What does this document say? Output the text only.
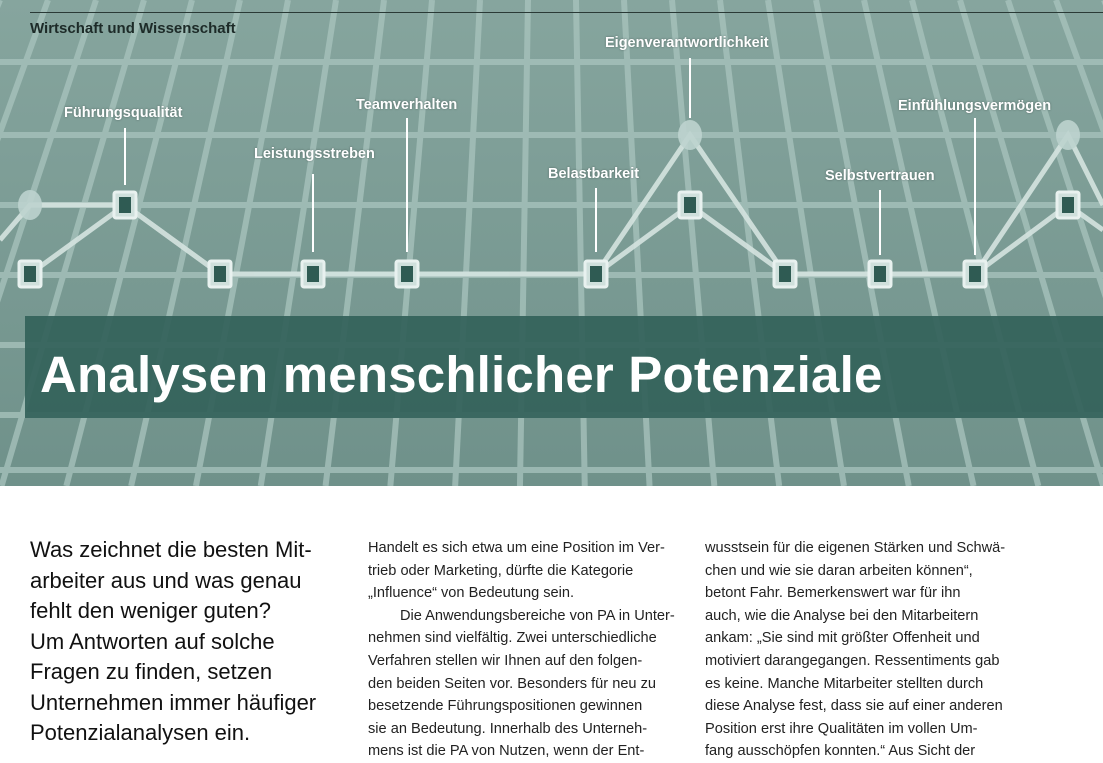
Wirtschaft und Wissenschaft
Führungsqualität
Leistungsstreben
Teamverhalten
Belastbarkeit
Eigenverantwortlichkeit
Selbstvertrauen
Einfühlungsvermögen
Analysen menschlicher Potenziale
Was zeichnet die besten Mit-
arbeiter aus und was genau
fehlt den weniger guten?
Um Antworten auf solche
Fragen zu finden, setzen
Unternehmen immer häufiger
Potenzialanalysen ein.

Handelt es sich etwa um eine Position im Ver-

trieb oder Marketing, dürfte die Kategorie

„Influence“ von Bedeutung sein.

Die Anwendungsbereiche von PA in Unter-

nehmen sind vielfältig. Zwei unterschiedliche

Verfahren stellen wir Ihnen auf den folgen-

den beiden Seiten vor. Besonders für neu zu

besetzende Führungspositionen gewinnen

sie an Bedeutung. Innerhalb des Unterneh-

mens ist die PA von Nutzen, wenn der Ent-

wusstsein für die eigenen Stärken und Schwä-

chen und wie sie daran arbeiten können“,

betont Fahr. Bemerkenswert war für ihn

auch, wie die Analyse bei den Mitarbeitern

ankam: „Sie sind mit größter Offenheit und

motiviert darangegangen. Ressentiments gab

es keine. Manche Mitarbeiter stellten durch

diese Analyse fest, dass sie auf einer anderen

Position erst ihre Qualitäten im vollen Um-

fang ausschöpfen konnten.“ Aus Sicht der
